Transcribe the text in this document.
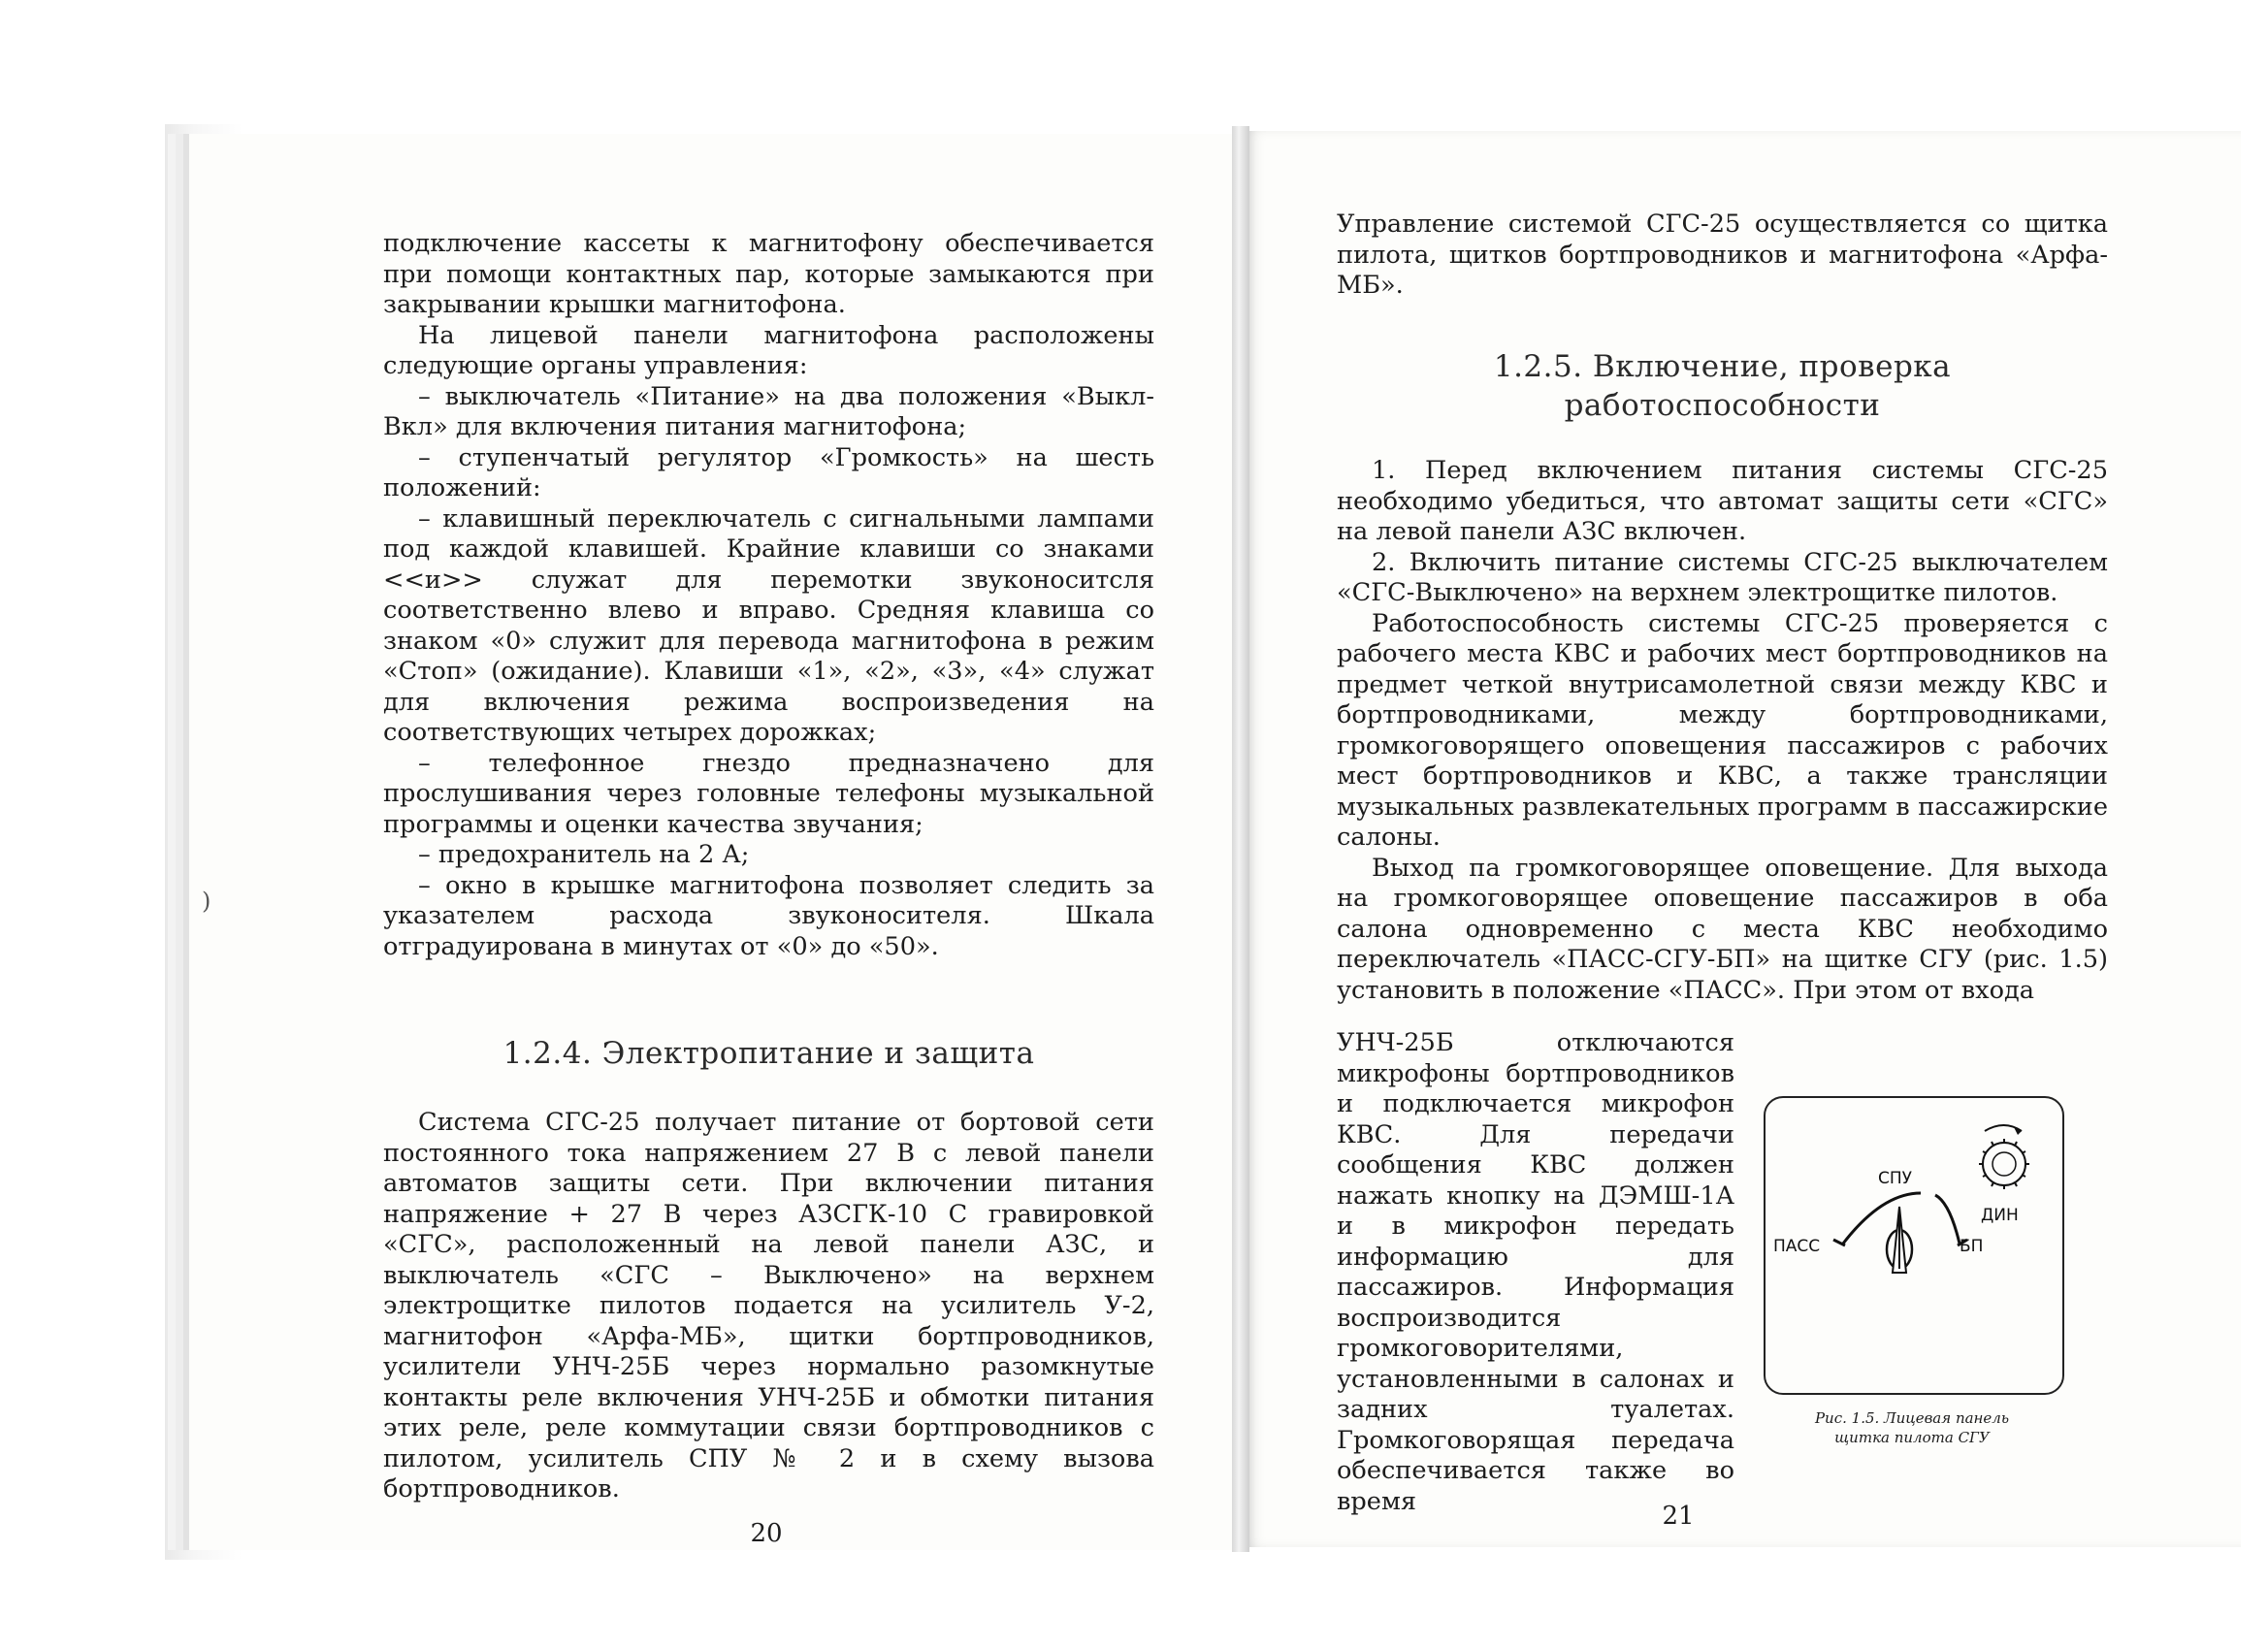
)

подключение кассеты к магнитофону обеспечивается при помощи контактных пар, которые замыкаются при закрывании крышки магнитофона.

На лицевой панели магнитофона расположены следующие органы управления:

– выключатель «Питание» на два положения «Выкл-Вкл» для включения питания магнитофона;

– ступенчатый регулятор «Громкость» на шесть положений:

– клавишный переключатель с сигнальными лампами под каждой клавишей. Крайние клавиши со знаками <<и>> служат для перемотки звуконоситсля соответственно влево и вправо. Средняя клавиша со знаком «0» служит для перевода магнитофона в режим «Стоп» (ожидание). Клавиши «1», «2», «3», «4» служат для включения режима воспроизведения на соответствующих четырех дорожках;

– телефонное гнездо предназначено для прослушивания через головные телефоны музыкальной программы и оценки качества звучания;

– предохранитель на 2 А;

– окно в крышке магнитофона позволяет следить за указателем расхода звуконосителя. Шкала отградуирована в минутах от «0» до «50».

1.2.4. Электропитание и защита

Система СГС-25 получает питание от бортовой сети постоянного тока напряжением 27 В с левой панели автоматов защиты сети. При включении питания напряжение + 27 В через АЗСГК-10 С гравировкой «СГС», расположенный на левой панели АЗС, и выключатель «СГС – Выключено» на верхнем электрощитке пилотов подается на усилитель У-2, магнитофон «Арфа-МБ», щитки бортпроводников, усилители УНЧ-25Б через нормально разомкнутые контакты реле включения УНЧ-25Б и обмотки питания этих реле, реле коммутации связи бортпроводников с пилотом, усилитель СПУ № 2 и в схему вызова бортпроводников.

20

Управление системой СГС-25 осуществляется со щитка пилота, щитков бортпроводников и магнитофона «Арфа-МБ».

1.2.5. Включение, проверка

работоспособности

1. Перед включением питания системы СГС-25 необходимо убедиться, что автомат защиты сети «СГС» на левой панели АЗС включен.

2. Включить питание системы СГС-25 выключателем «СГС-Выключено» на верхнем электрощитке пилотов.

Работоспособность системы СГС-25 проверяется с рабочего места КВС и рабочих мест бортпроводников на предмет четкой внутрисамолетной связи между КВС и бортпроводниками, между бортпроводниками, громкоговорящего оповещения пассажиров с рабочих мест бортпроводников и КВС, а также трансляции музыкальных развлекательных программ в пассажирские салоны.

Выход па громкоговорящее оповещение. Для выхода на громкоговорящее оповещение пассажиров в оба салона одновременно с места КВС необходимо переключатель «ПАСС-СГУ-БП» на щитке СГУ (рис. 1.5) установить в положение «ПАСС». При этом от входа

УНЧ-25Б отключаются микрофоны бортпроводников и подключается микрофон КВС. Для передачи сообщения КВС должен нажать кнопку на ДЭМШ-1А и в микрофон передать информацию для пассажиров. Информация воспроизводится громкоговорителями, установленными в салонах и задних туалетах. Громкоговорящая передача обеспечивается также во время

СПУ
ДИН
ПАСС	БП
Рис. 1.5. Лицевая панель
щитка пилота СГУ
21
